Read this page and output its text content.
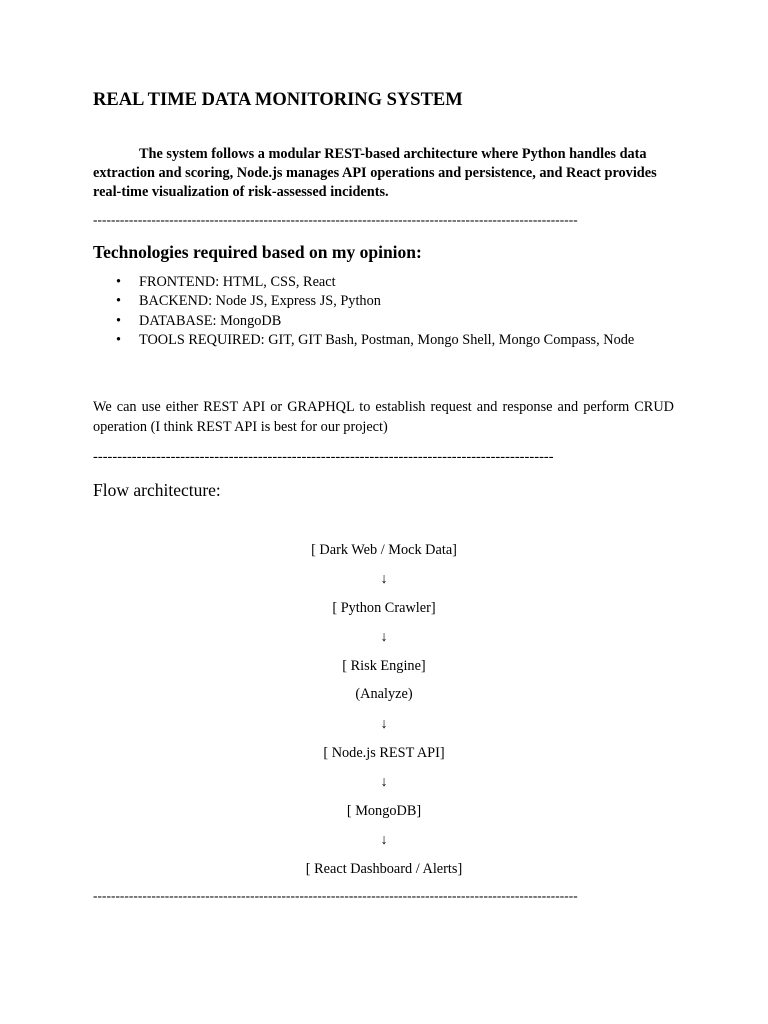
REAL TIME DATA MONITORING SYSTEM
The system follows a modular REST-based architecture where Python handles data extraction and scoring, Node.js manages API operations and persistence, and React provides real-time visualization of risk-assessed incidents.
------------------------------------------------------------------------------------------------------------
Technologies required based on my opinion:
• FRONTEND: HTML, CSS, React
• BACKEND: Node JS, Express JS, Python
• DATABASE: MongoDB
• TOOLS REQUIRED: GIT, GIT Bash, Postman, Mongo Shell, Mongo Compass, Node
We can use either REST API or GRAPHQL to establish request and response and perform CRUD operation (I think REST API is best for our project)
-----------------------------------------------------------------------------------------------
Flow architecture:
[ Dark Web / Mock Data]
↓
[ Python Crawler]
↓
[ Risk Engine]
(Analyze)
↓
[ Node.js REST API]
↓
[ MongoDB]
↓
[ React Dashboard / Alerts]
------------------------------------------------------------------------------------------------------------
